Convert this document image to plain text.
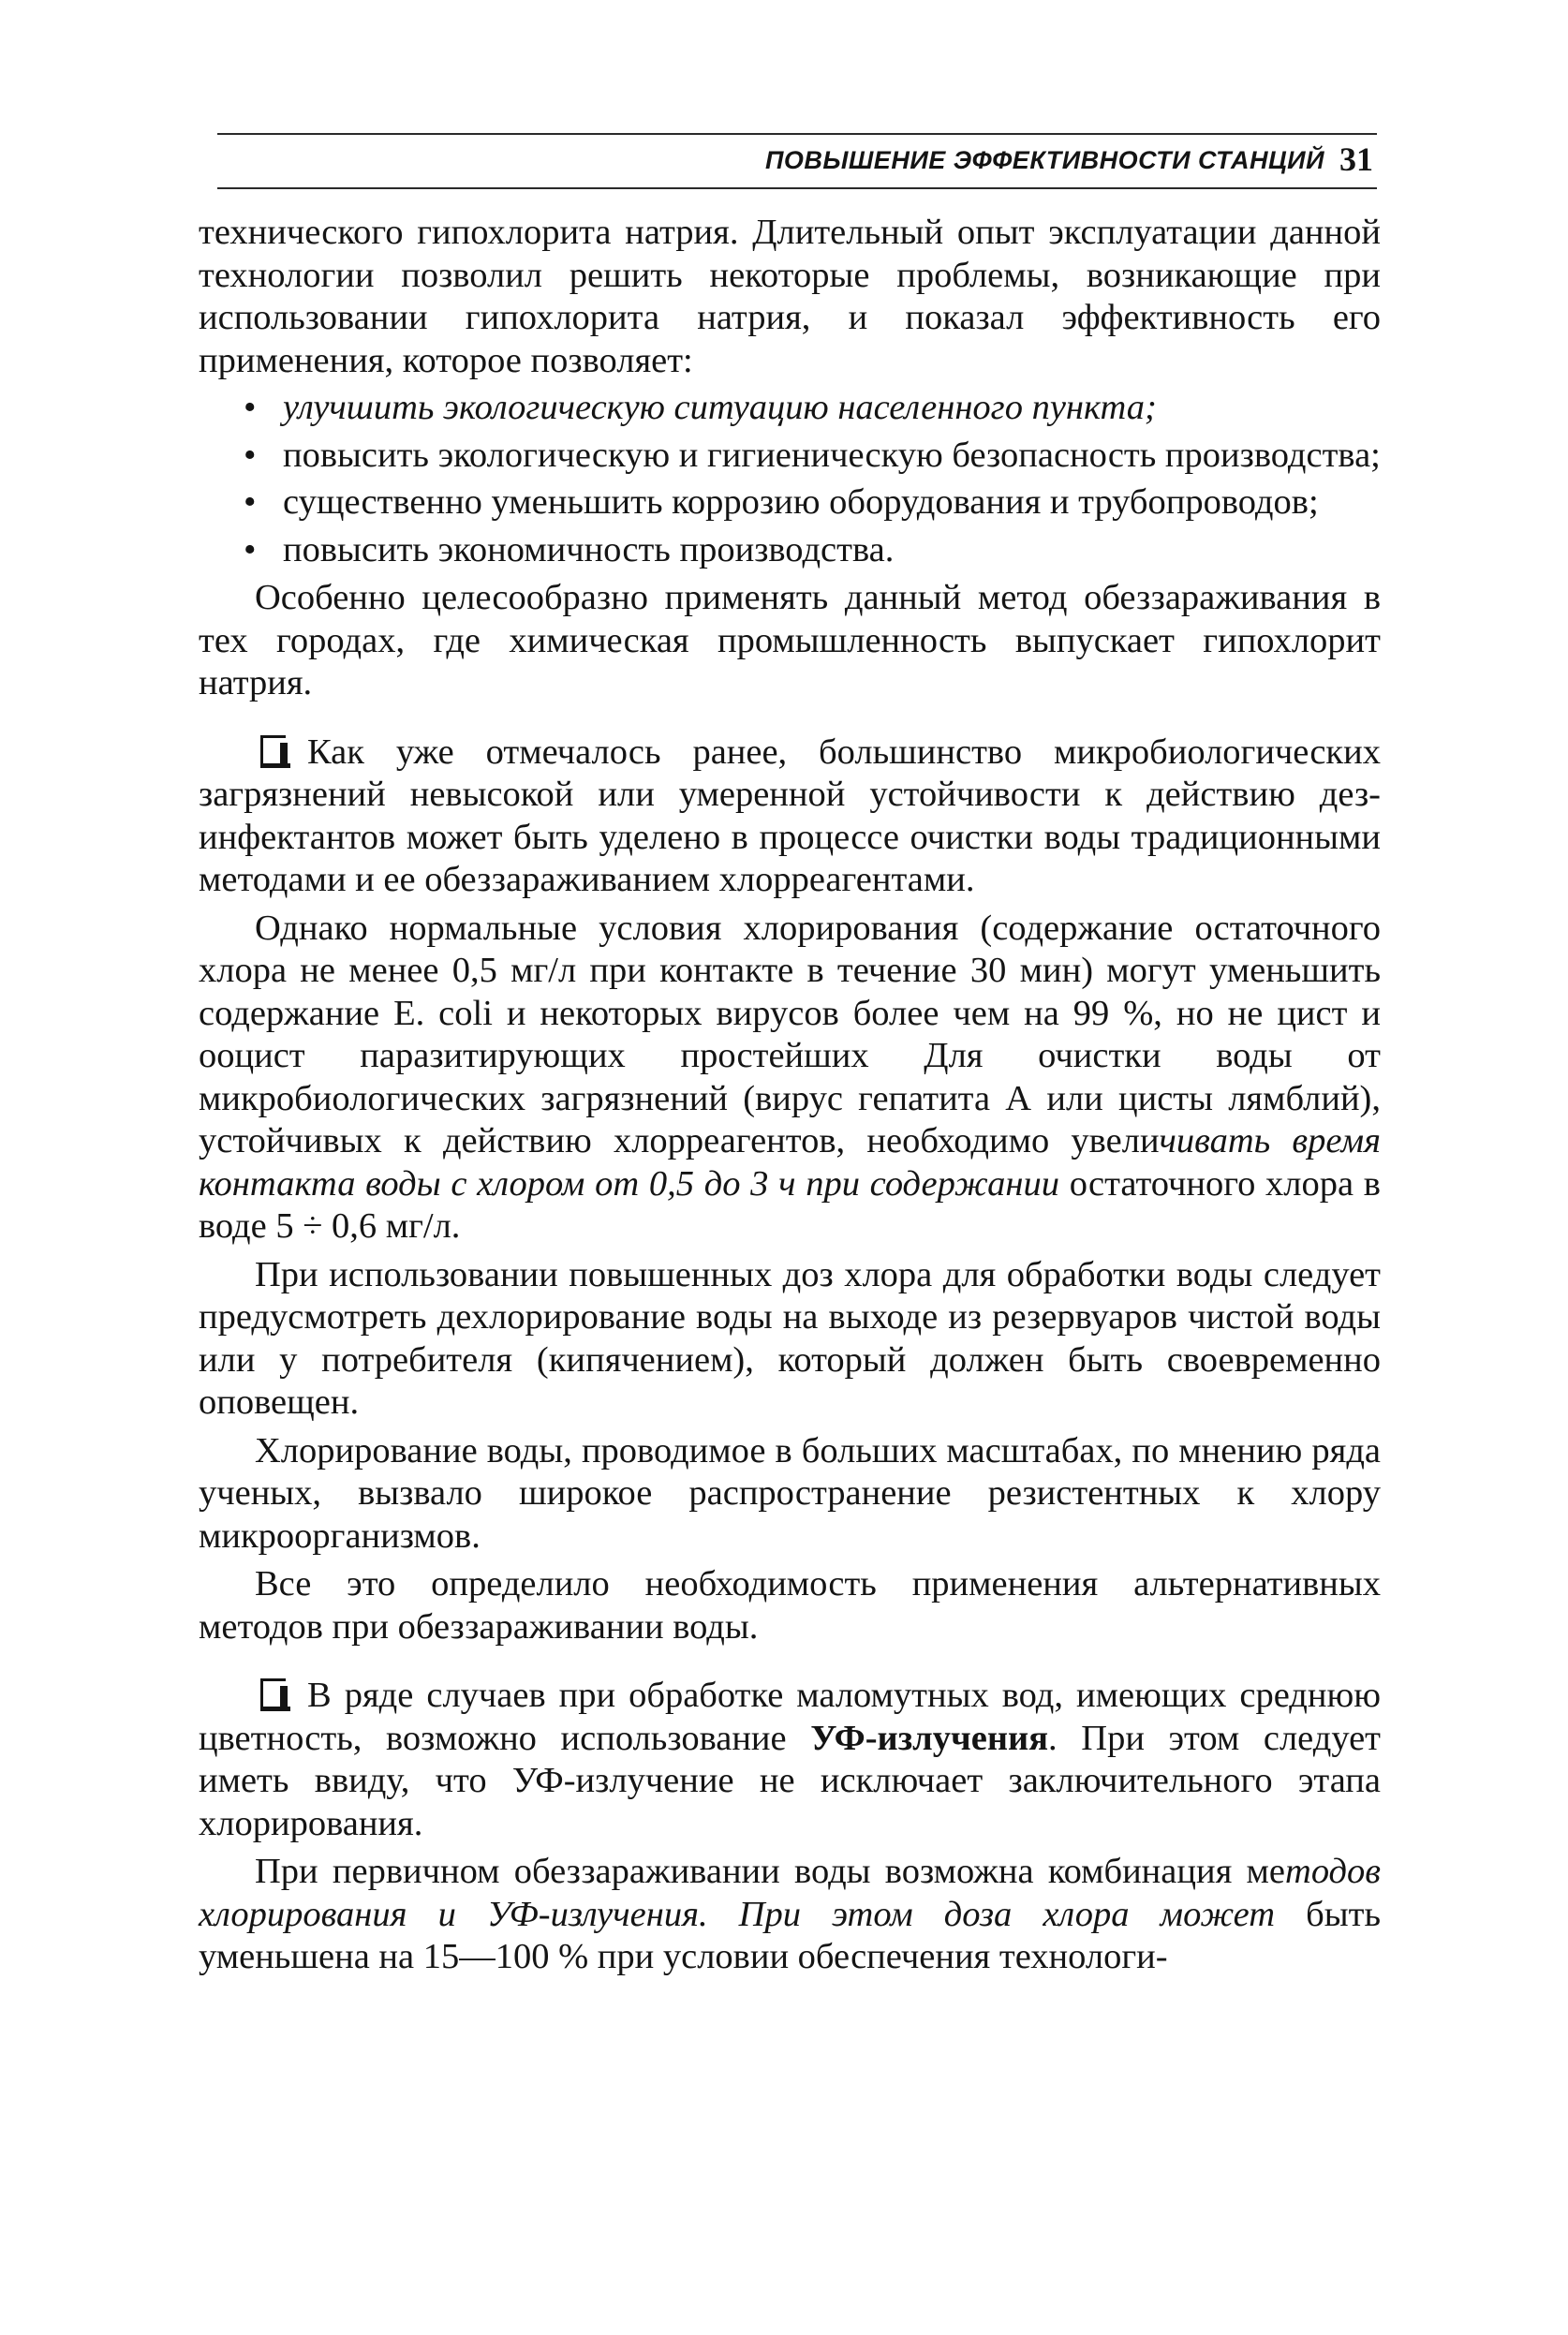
ПОВЫШЕНИЕ ЭФФЕКТИВНОСТИ СТАНЦИЙ 31

технического гипохлорита натрия. Длительный опыт эксплуатации данной технологии позволил решить некоторые проблемы, возникающие при использовании гипохлорита натрия, и показал эффективность его применения, которое позволяет:

• улучшить экологическую ситуацию населенного пункта;

• повысить экологическую и гигиеническую безопасность производства;

• существенно уменьшить коррозию оборудования и трубопроводов;

• повысить экономичность производства.

Особенно целесообразно применять данный метод обеззараживания в тех городах, где химическая промышленность выпускает гипохлорит натрия.

Как уже отмечалось ранее, большинство микробиологических загрязнений невысокой или умеренной устойчивости к действию дезинфектантов может быть уделено в процессе очистки воды традиционными методами и ее обеззараживанием хлорреагентами.

Однако нормальные условия хлорирования (содержание остаточного хлора не менее 0,5 мг/л при контакте в течение 30 мин) могут уменьшить содержание E. coli и некоторых вирусов более чем на 99 %, но не цист и ооцист паразитирующих простейших Для очистки воды от микробиологических загрязнений (вирус гепатита А или цисты лямблий), устойчивых к действию хлорреагентов, необходимо увеличивать время контакта воды с хлором от 0,5 до 3 ч при содержании остаточного хлора в воде 5 ÷ 0,6 мг/л.

При использовании повышенных доз хлора для обработки воды следует предусмотреть дехлорирование воды на выходе из резервуаров чистой воды или у потребителя (кипячением), который должен быть своевременно оповещен.

Хлорирование воды, проводимое в больших масштабах, по мнению ряда ученых, вызвало широкое распространение резистентных к хлору микроорганизмов.

Все это определило необходимость применения альтернативных методов при обеззараживании воды.

В ряде случаев при обработке маломутных вод, имеющих среднюю цветность, возможно использование УФ-излучения. При этом следует иметь ввиду, что УФ-излучение не исключает заключительного этапа хлорирования.

При первичном обеззараживании воды возможна комбинация методов хлорирования и УФ-излучения. При этом доза хлора может быть уменьшена на 15—100 % при условии обеспечения технологи-
